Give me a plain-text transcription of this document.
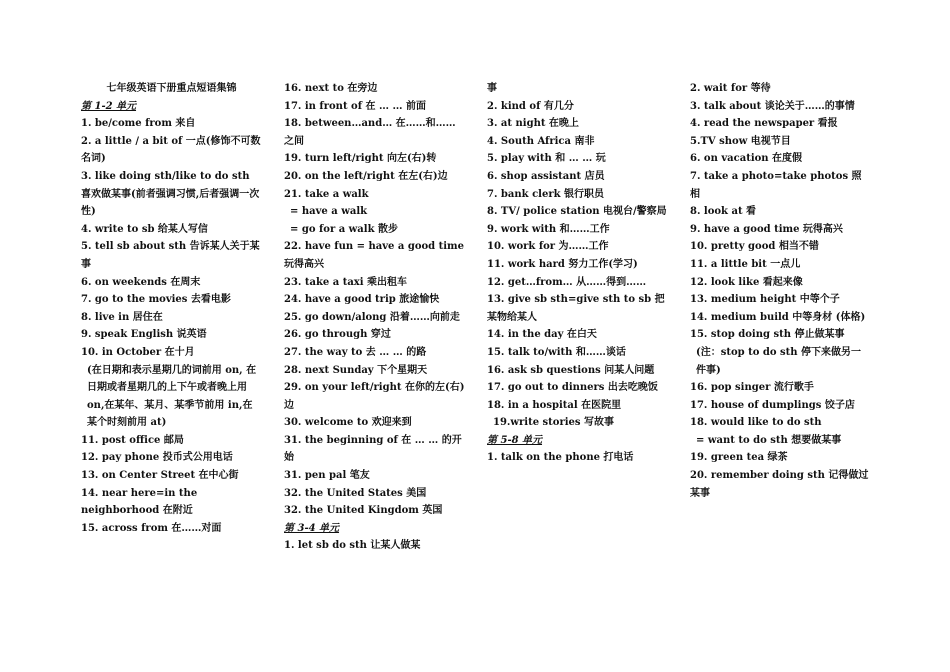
七年级英语下册重点短语集锦
第 1-2 单元
1. be/come from 来自
2. a little / a bit of 一点(修饰不可数名词)
3. like doing sth/like to do sth 喜欢做某事(前者强调习惯,后者强调一次性)
4. write to sb 给某人写信
5. tell sb about sth 告诉某人关于某事
6. on weekends 在周末
7. go to the movies 去看电影
8. live in 居住在
9. speak English 说英语
10. in October 在十月
(在日期和表示星期几的词前用 on, 在日期或者星期几的上下午或者晚上用 on,在某年、某月、某季节前用 in,在某个时刻前用 at)
11. post office 邮局
12. pay phone 投币式公用电话
13. on Center Street 在中心街
14. near here=in the neighborhood 在附近
15. across from 在……对面
16. next to 在旁边
17. in front of 在 … … 前面
18. between…and… 在……和……之间
19. turn left/right 向左(右)转
20. on the left/right 在左(右)边
21. take a walk
= have a walk
= go for a walk 散步
22. have fun = have a good time 玩得高兴
23. take a taxi 乘出租车
24. have a good trip 旅途愉快
25. go down/along 沿着……向前走
26. go through 穿过
27. the way to 去 … … 的路
28. next Sunday 下个星期天
29. on your left/right 在你的左(右)边
30. welcome to 欢迎来到
31. the beginning of 在 … … 的开始
31. pen pal 笔友
32. the United States 美国
32. the United Kingdom 英国
第 3-4 单元
1. let sb do sth 让某人做某
事
2. kind of 有几分
3. at night 在晚上
4. South Africa 南非
5. play with 和 … … 玩
6. shop assistant 店员
7. bank clerk 银行职员
8. TV/ police station 电视台/警察局
9. work with 和……工作
10. work for 为……工作
11. work hard 努力工作(学习)
12. get…from… 从……得到……
13. give sb sth=give sth to sb 把某物给某人
14. in the day 在白天
15. talk to/with 和……谈话
16. ask sb questions 问某人问题
17. go out to dinners 出去吃晚饭
18. in a hospital 在医院里
19.write stories 写故事
第 5-8 单元
1. talk on the phone 打电话
2. wait for 等待
3. talk about 谈论关于……的事情
4. read the newspaper 看报
5.TV show 电视节目
6. on vacation 在度假
7. take a photo=take photos 照相
8. look at 看
9. have a good time 玩得高兴
10. pretty good 相当不错
11. a little bit 一点儿
12. look like 看起来像
13. medium height 中等个子
14. medium build 中等身材 (体格)
15. stop doing sth 停止做某事
(注：stop to do sth 停下来做另一件事)
16. pop singer 流行歌手
17. house of dumplings 饺子店
18. would like to do sth
= want to do sth 想要做某事
19. green tea 绿茶
20. remember doing sth 记得做过某事
